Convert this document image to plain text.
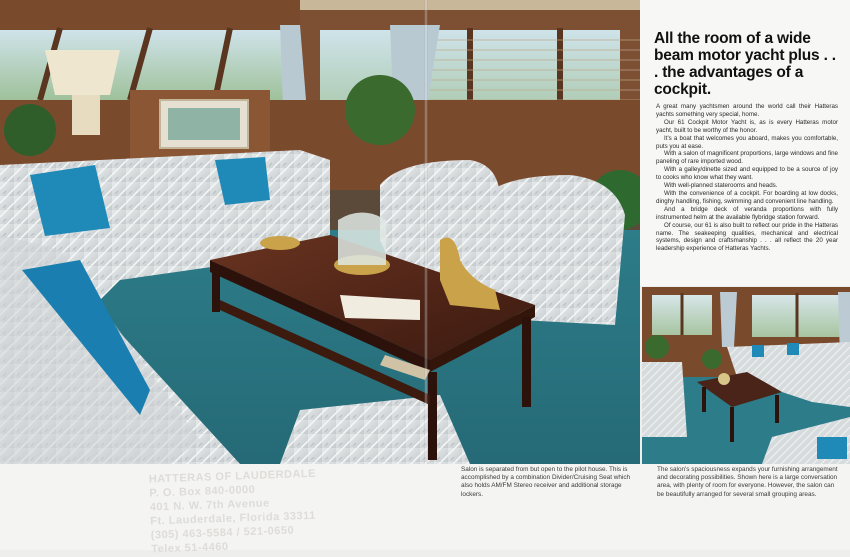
All the room of a wide beam motor yacht plus . . . the advantages of a cockpit.

A great many yachtsmen around the world call their Hatteras yachts something very special, home.

Our 61 Cockpit Motor Yacht is, as is every Hatteras motor yacht, built to be worthy of the honor.

It's a boat that welcomes you aboard, makes you comfortable, puts you at ease.

With a salon of magnificent proportions, large windows and fine paneling of rare imported wood.

With a galley/dinette sized and equipped to be a source of joy to cooks who know what they want.

With well-planned staterooms and heads.

With the convenience of a cockpit. For boarding at low docks, dinghy handling, fishing, swimming and convenient line handling.

And a bridge deck of veranda proportions with fully instrumented helm at the available flybridge station forward.

Of course, our 61 is also built to reflect our pride in the Hatteras name. The seakeeping qualities, mechanical and electrical systems, design and craftsmanship . . . all reflect the 20 year leadership experience of Hatteras Yachts.

HATTERAS OF LAUDERDALE
P. O. Box 840-0000
401 N. W. 7th Avenue
Ft. Lauderdale, Florida 33311
(305) 463-5584 / 521-0650
Telex 51-4460
Salon is separated from but open to the pilot house. This is accomplished by a combination Divider/Cruising Seat which also holds AM/FM Stereo receiver and additional storage lockers.
The salon's spaciousness expands your furnishing arrangement and decorating possibilities. Shown here is a large conversation area, with plenty of room for everyone. However, the salon can be beautifully arranged for several small grouping areas.
